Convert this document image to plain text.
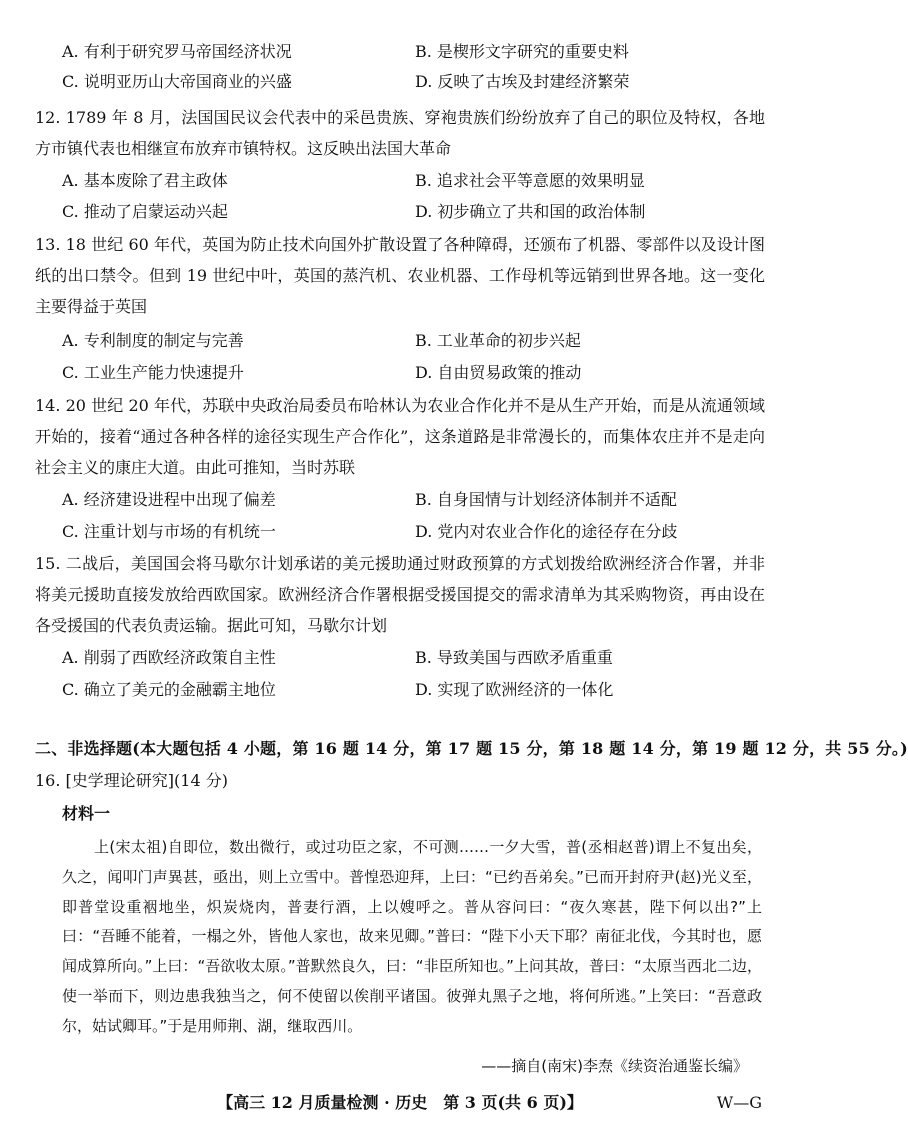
A. 有利于研究罗马帝国经济状况	B. 是楔形文字研究的重要史料
C. 说明亚历山大帝国商业的兴盛	D. 反映了古埃及封建经济繁荣
12. 1789 年 8 月，法国国民议会代表中的采邑贵族、穿袍贵族们纷纷放弃了自己的职位及特权，各地方市镇代表也相继宣布放弃市镇特权。这反映出法国大革命
A. 基本废除了君主政体	B. 追求社会平等意愿的效果明显
C. 推动了启蒙运动兴起	D. 初步确立了共和国的政治体制
13. 18 世纪 60 年代，英国为防止技术向国外扩散设置了各种障碍，还颁布了机器、零部件以及设计图纸的出口禁令。但到 19 世纪中叶，英国的蒸汽机、农业机器、工作母机等远销到世界各地。这一变化主要得益于英国
A. 专利制度的制定与完善	B. 工业革命的初步兴起
C. 工业生产能力快速提升	D. 自由贸易政策的推动
14. 20 世纪 20 年代，苏联中央政治局委员布哈林认为农业合作化并不是从生产开始，而是从流通领域开始的，接着“通过各种各样的途径实现生产合作化”，这条道路是非常漫长的，而集体农庄并不是走向社会主义的康庄大道。由此可推知，当时苏联
A. 经济建设进程中出现了偏差	B. 自身国情与计划经济体制并不适配
C. 注重计划与市场的有机统一	D. 党内对农业合作化的途径存在分歧
15. 二战后，美国国会将马歇尔计划承诺的美元援助通过财政预算的方式划拨给欧洲经济合作署，并非将美元援助直接发放给西欧国家。欧洲经济合作署根据受援国提交的需求清单为其采购物资，再由设在各受援国的代表负责运输。据此可知，马歇尔计划
A. 削弱了西欧经济政策自主性	B. 导致美国与西欧矛盾重重
C. 确立了美元的金融霸主地位	D. 实现了欧洲经济的一体化
二、非选择题(本大题包括 4 小题，第 16 题 14 分，第 17 题 15 分，第 18 题 14 分，第 19 题 12 分，共 55 分。)
16. [史学理论研究](14 分)
材料一
上(宋太祖)自即位，数出微行，或过功臣之家，不可测……一夕大雪，普(丞相赵普)谓上不复出矣，久之，闻叩门声異甚，亟出，则上立雪中。普惶恐迎拜，上曰：“已约吾弟矣。”已而开封府尹(赵)光义至，即普堂设重裀地坐，炽炭烧肉，普妻行酒，上以嫂呼之。普从容问曰：“夜久寒甚，陛下何以出?”上曰：“吾睡不能着，一榻之外，皆他人家也，故来见卿。”普曰：“陛下小天下耶？南征北伐，今其时也，愿闻成算所向。”上曰：“吾欲收太原。”普默然良久，曰：“非臣所知也。”上问其故，普曰：“太原当西北二边，使一举而下，则边患我独当之，何不使留以俟削平诸国。彼弹丸黑子之地，将何所逃。”上笑曰：“吾意政尔，姑试卿耳。”于是用师荆、湖，继取西川。
——摘自(南宋)李焘《续资治通鉴长编》
【高三 12 月质量检测 · 历史　第 3 页(共 6 页)】	W—G
